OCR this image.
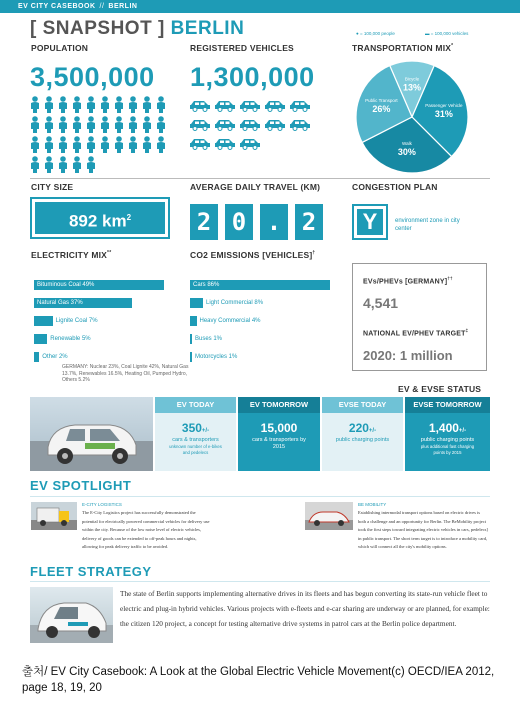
EV CITY CASEBOOK // BERLIN
[ SNAPSHOT ] BERLIN
POPULATION
3,500,000
REGISTERED VEHICLES
1,300,000
● = 100,000 people	▬ = 100,000 vehicles
TRANSPORTATION MIX*
Bicycle
13%
Passenger Vehicle
31%
Walk
30%
Public Transport
26%
CITY SIZE
892 $km^2$
AVERAGE DAILY TRAVEL (KM)
2 0 . 2
CONGESTION PLAN
Y	environment zone in city center
ELECTRICITY MIX**
Bituminous Coal 49%
Natural Gas 37%
Lignite Coal 7%
Renewable 5%
Other 2%
GERMANY: Nuclear 23%, Coal Lignite 42%, Natural Gas 13.7%, Renewables 16.5%, Heating Oil, Pumped Hydro, Others 5.2%
CO2 EMISSIONS [VEHICLES]†
Cars 86%
Light Commercial 8%
Heavy Commercial 4%
Buses 1%
Motorcycles 1%
EVs/PHEVs [GERMANY]††
4,541
NATIONAL EV/PHEV TARGET‡
2020: 1 million
EV & EVSE STATUS
EV TODAY
350+/-
cars & transporters
unknown number of e-bikes and pedelecs
EV TOMORROW
15,000
cars & transporters by 2015
EVSE TODAY
220+/-
public charging points
EVSE TOMORROW
1,400+/-
public charging points
plus additional fast charging points by 2015
EV SPOTLIGHT
E-CITY LOGISTICS
The E-City Logistics project has successfully demonstrated the potential for electrically powered commercial vehicles for delivery use within the city. Because of the low noise level of electric vehicles, delivery of goods can be extended to off-peak hours and nights, allowing for peak delivery traffic to be avoided.
BE MOBILITY
Establishing intermodal transport options based on electric drives is both a challenge and an opportunity for Berlin. The BeMobility project took the first steps toward integrating electric vehicles in cars, pedelecs] in public transport. The short term target is to introduce a mobility card, which will connect all the city's mobility options.
FLEET STRATEGY
The state of Berlin supports implementing alternative drives in its fleets and has begun converting its state-run vehicle fleet to electric and plug-in hybrid vehicles. Various projects with e-fleets and e-car sharing are underway or are planned, for example: the citizen 120 project, a concept for testing alternative drive systems in patrol cars at the Berlin police department.
출처/ EV City Casebook: A Look at the Global Electric Vehicle Movement(c) OECD/IEA 2012, page 18, 19, 20
